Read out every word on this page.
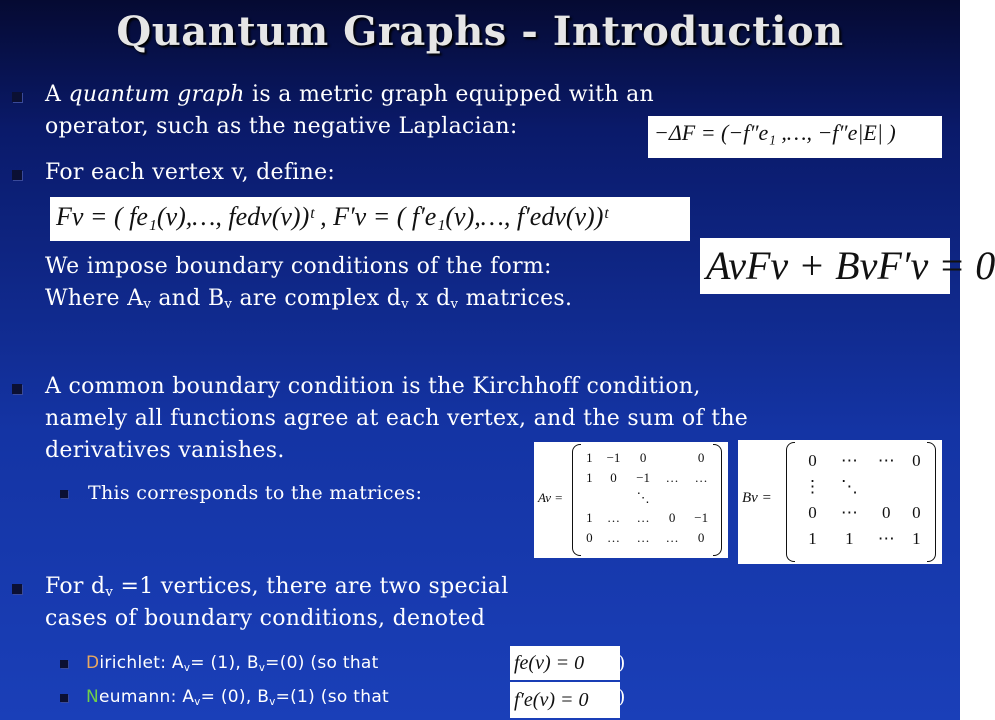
Quantum Graphs - Introduction
A quantum graph is a metric graph equipped with an
operator, such as the negative Laplacian:	−ΔF = (−f″e₁ ,…, −f″e|E| )
For each vertex v, define:
Fv = ( fe₁(v),…, fedv(v))ᵗ , F′v = ( f′e₁(v),…, f′edv(v))ᵗ
We impose boundary conditions of the form:
Where $A_v$ and $B_v$ are complex $d_v$ x $d_v$ matrices.
AvFv + BvF′v = 0
A common boundary condition is the Kirchhoff condition,
namely all functions agree at each vertex, and the sum of the
derivatives vanishes.
This corresponds to the matrices:	Av =
1	−1	0		0
1	0	−1	…	…
		⋱		
1	…	…	0	−1
0	…	…	…	0
Bv =
0	⋯	⋯	0
⋮	⋱		
0	⋯	0	0
1	1	⋯	1
For $d_v =1$ vertices, there are two special
cases of boundary conditions, denoted
Dirichlet: $A_v= (1)$, $B_v=(0)$ (so that	fe(v) = 0	)
Neumann: $A_v= (0)$, $B_v=(1)$ (so that	f′e(v) = 0	)
